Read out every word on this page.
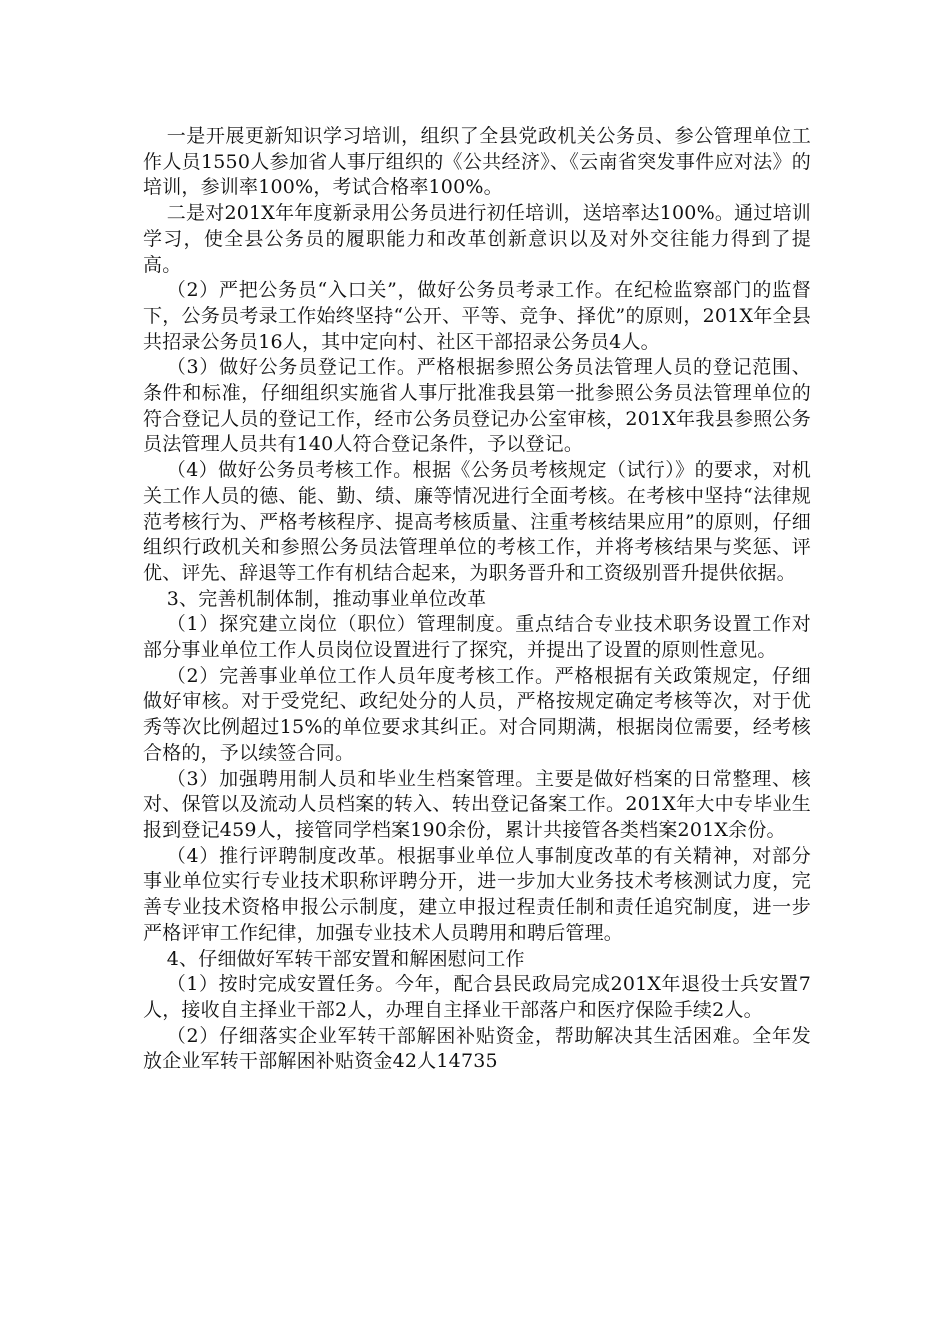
一是开展更新知识学习培训，组织了全县党政机关公务员、参公管理单位工作人员1550人参加省人事厅组织的《公共经济》、《云南省突发事件应对法》的培训，参训率100%，考试合格率100%。

二是对201X年年度新录用公务员进行初任培训，送培率达100%。通过培训学习，使全县公务员的履职能力和改革创新意识以及对外交往能力得到了提高。

（2）严把公务员“入口关”，做好公务员考录工作。在纪检监察部门的监督下，公务员考录工作始终坚持“公开、平等、竞争、择优”的原则，201X年全县共招录公务员16人，其中定向村、社区干部招录公务员4人。

（3）做好公务员登记工作。严格根据参照公务员法管理人员的登记范围、条件和标准，仔细组织实施省人事厅批准我县第一批参照公务员法管理单位的符合登记人员的登记工作，经市公务员登记办公室审核，201X年我县参照公务员法管理人员共有140人符合登记条件，予以登记。

（4）做好公务员考核工作。根据《公务员考核规定（试行）》的要求，对机关工作人员的德、能、勤、绩、廉等情况进行全面考核。在考核中坚持“法律规范考核行为、严格考核程序、提高考核质量、注重考核结果应用”的原则，仔细组织行政机关和参照公务员法管理单位的考核工作，并将考核结果与奖惩、评优、评先、辞退等工作有机结合起来，为职务晋升和工资级别晋升提供依据。

3、完善机制体制，推动事业单位改革

（1）探究建立岗位（职位）管理制度。重点结合专业技术职务设置工作对部分事业单位工作人员岗位设置进行了探究，并提出了设置的原则性意见。

（2）完善事业单位工作人员年度考核工作。严格根据有关政策规定，仔细做好审核。对于受党纪、政纪处分的人员，严格按规定确定考核等次，对于优秀等次比例超过15%的单位要求其纠正。对合同期满，根据岗位需要，经考核合格的，予以续签合同。

（3）加强聘用制人员和毕业生档案管理。主要是做好档案的日常整理、核对、保管以及流动人员档案的转入、转出登记备案工作。201X年大中专毕业生报到登记459人，接管同学档案190余份，累计共接管各类档案201X余份。

（4）推行评聘制度改革。根据事业单位人事制度改革的有关精神，对部分事业单位实行专业技术职称评聘分开，进一步加大业务技术考核测试力度，完善专业技术资格申报公示制度，建立申报过程责任制和责任追究制度，进一步严格评审工作纪律，加强专业技术人员聘用和聘后管理。

4、仔细做好军转干部安置和解困慰问工作

（1）按时完成安置任务。今年，配合县民政局完成201X年退役士兵安置7人，接收自主择业干部2人，办理自主择业干部落户和医疗保险手续2人。

（2）仔细落实企业军转干部解困补贴资金，帮助解决其生活困难。全年发放企业军转干部解困补贴资金42人14735
